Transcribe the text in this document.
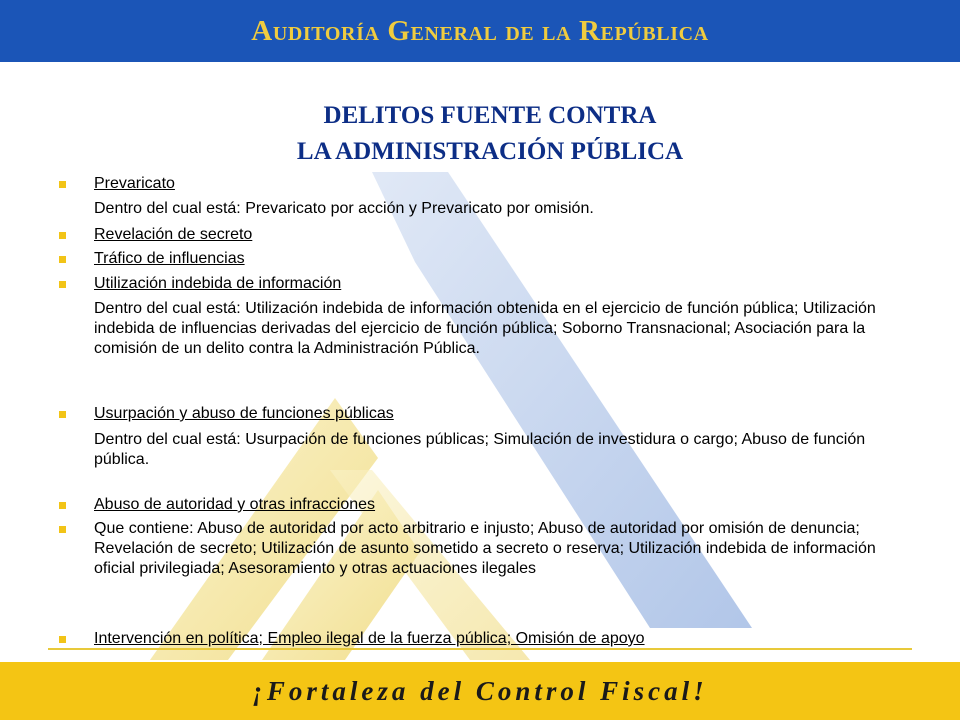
Auditoría General de la República
DELITOS FUENTE CONTRA
LA ADMINISTRACIÓN PÚBLICA
Prevaricato
Dentro del cual está: Prevaricato por acción y Prevaricato por omisión.
Revelación de secreto
Tráfico de influencias
Utilización indebida de información
Dentro del cual está: Utilización indebida de información obtenida en el ejercicio de función pública; Utilización indebida de influencias derivadas del ejercicio de función pública; Soborno Transnacional; Asociación para la comisión de un delito contra la Administración Pública.
Usurpación y abuso de funciones públicas
Dentro del cual está: Usurpación de funciones públicas; Simulación de investidura o cargo; Abuso de función pública.
Abuso de autoridad y otras infracciones
Que contiene: Abuso de autoridad por acto arbitrario e injusto; Abuso de autoridad por omisión de denuncia; Revelación de secreto; Utilización de asunto sometido a secreto o reserva; Utilización indebida de información oficial privilegiada; Asesoramiento y otras actuaciones ilegales
Intervención en política; Empleo ilegal de la fuerza pública; Omisión de apoyo
¡Fortaleza del Control Fiscal!
